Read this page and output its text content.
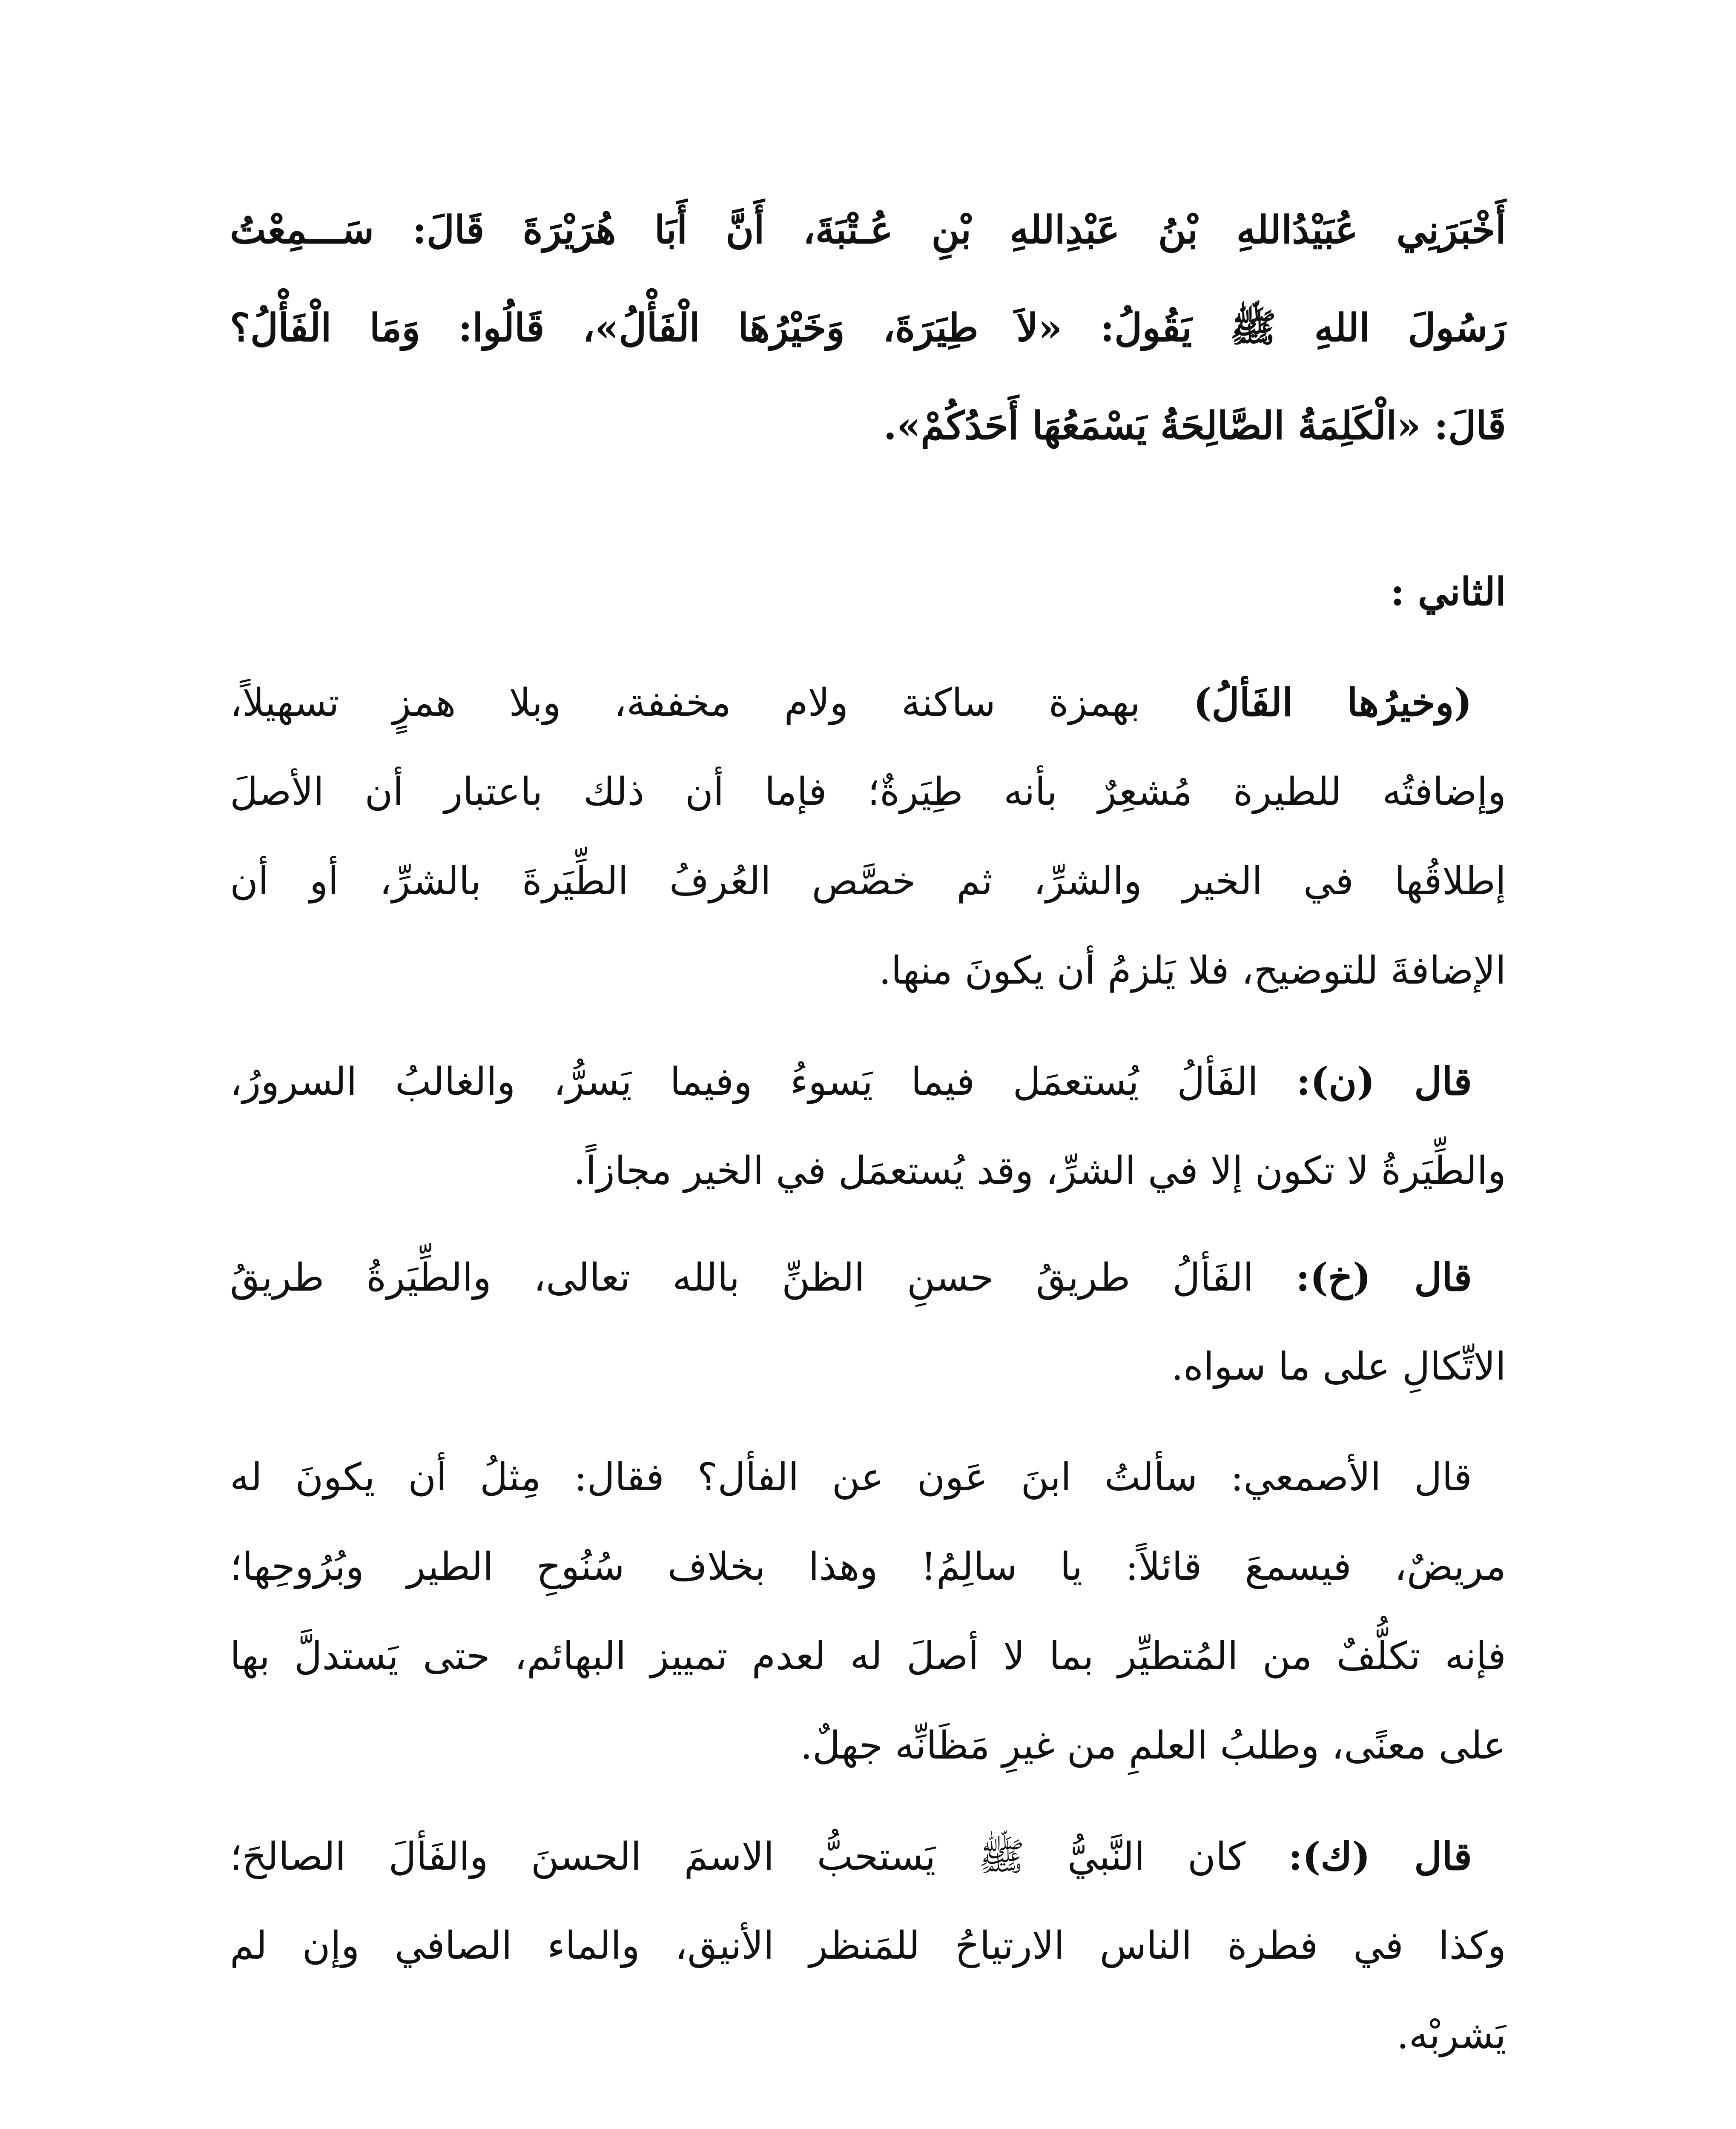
أَخْبَرَنِي عُبَيْدُاللهِ بْنُ عَبْدِاللهِ بْنِ عُـتْبَةَ، أَنَّ أَبَا هُرَيْرَةَ قَالَ: سَـــمِعْتُ
رَسُولَ اللهِ ﷺ يَقُولُ: «لاَ طِيَرَةَ، وَخَيْرُهَا الْفَأْلُ»، قَالُوا: وَمَا الْفَأْلُ؟
قَالَ: «الْكَلِمَةُ الصَّالِحَةُ يَسْمَعُهَا أَحَدُكُمْ».
الثاني :
(وخيرُها الفَألُ) بهمزة ساكنة ولام مخففة، وبلا همزٍ تسهيلاً،
وإضافتُه للطيرة مُشعِرٌ بأنه طِيَرةٌ؛ فإما أن ذلك باعتبار أن الأصلَ
إطلاقُها في الخير والشرِّ، ثم خصَّص العُرفُ الطِّيَرةَ بالشرِّ، أو أن
الإضافةَ للتوضيح، فلا يَلزمُ أن يكونَ منها.
قال (ن): الفَألُ يُستعمَل فيما يَسوءُ وفيما يَسرُّ، والغالبُ السرورُ،
والطِّيَرةُ لا تكون إلا في الشرِّ، وقد يُستعمَل في الخير مجازاً.
قال (خ): الفَألُ طريقُ حسنِ الظنِّ بالله تعالى، والطِّيَرةُ طريقُ
الاتِّكالِ على ما سواه.
قال الأصمعي: سألتُ ابنَ عَون عن الفأل؟ فقال: مِثلُ أن يكونَ له
مريضٌ، فيسمعَ قائلاً: يا سالِمُ! وهذا بخلاف سُنُوحِ الطير وبُرُوحِها؛
فإنه تكلُّفٌ من المُتطيِّر بما لا أصلَ له لعدم تمييز البهائم، حتى يَستدلَّ بها
على معنًى، وطلبُ العلمِ من غيرِ مَظَانِّه جهلٌ.
قال (ك): كان النَّبيُّ ﷺ يَستحبُّ الاسمَ الحسنَ والفَألَ الصالحَ؛
وكذا في فطرة الناس الارتياحُ للمَنظر الأنيق، والماء الصافي وإن لم
يَشربْه.
